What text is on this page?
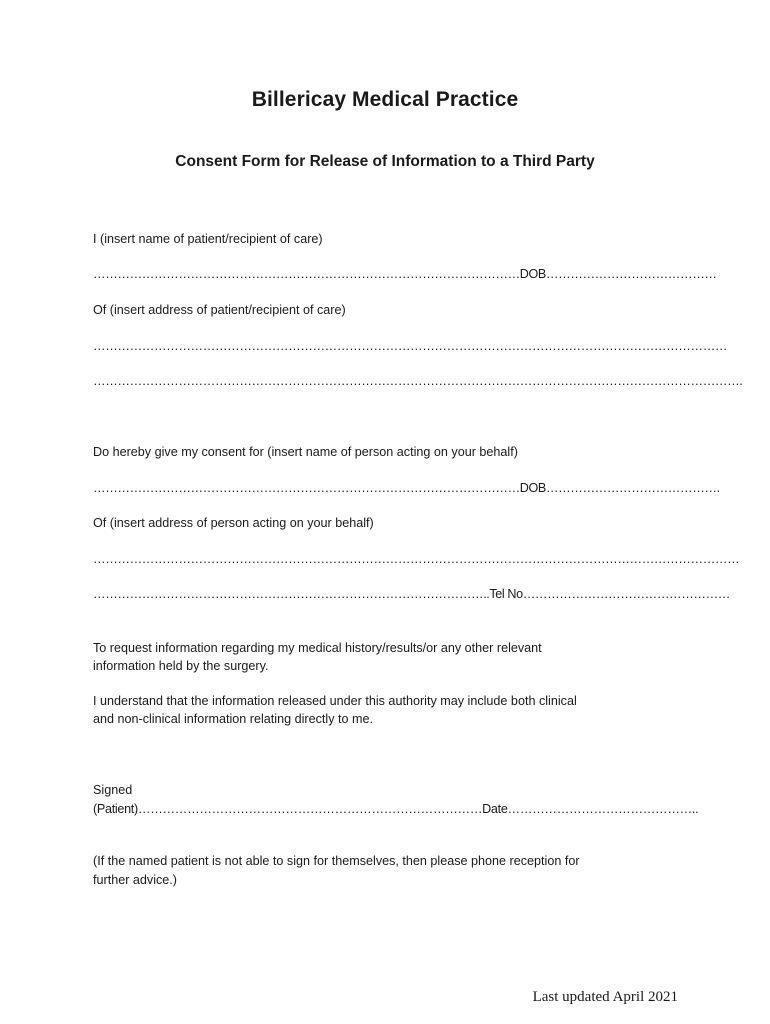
Billericay Medical Practice
Consent Form for Release of Information to a Third Party
I (insert name of patient/recipient of care)
……………………………………………………………………………………………DOB……………………………………
Of (insert address of patient/recipient of care)
…………………………………………………………………………………………………………………………………………
…………………………………………………………………………………………………………………………………………….
Do hereby give my consent for (insert name of person acting on your behalf)
……………………………………………………………………………………………DOB…………………………………….
Of (insert address of person acting on your behalf)
……………………………………………………………………………………………………………………………………………
……………………………………………………………………………………..Tel No……………………………………………
To request information regarding my medical history/results/or any other relevant
information held by the surgery.
I understand that the information released under this authority may include both clinical
and non-clinical information relating directly to me.
Signed
(Patient)…………………………………………………………………………Date………………………………………..
(If the named patient is not able to sign for themselves, then please phone reception for
further advice.)
Last updated April 2021
